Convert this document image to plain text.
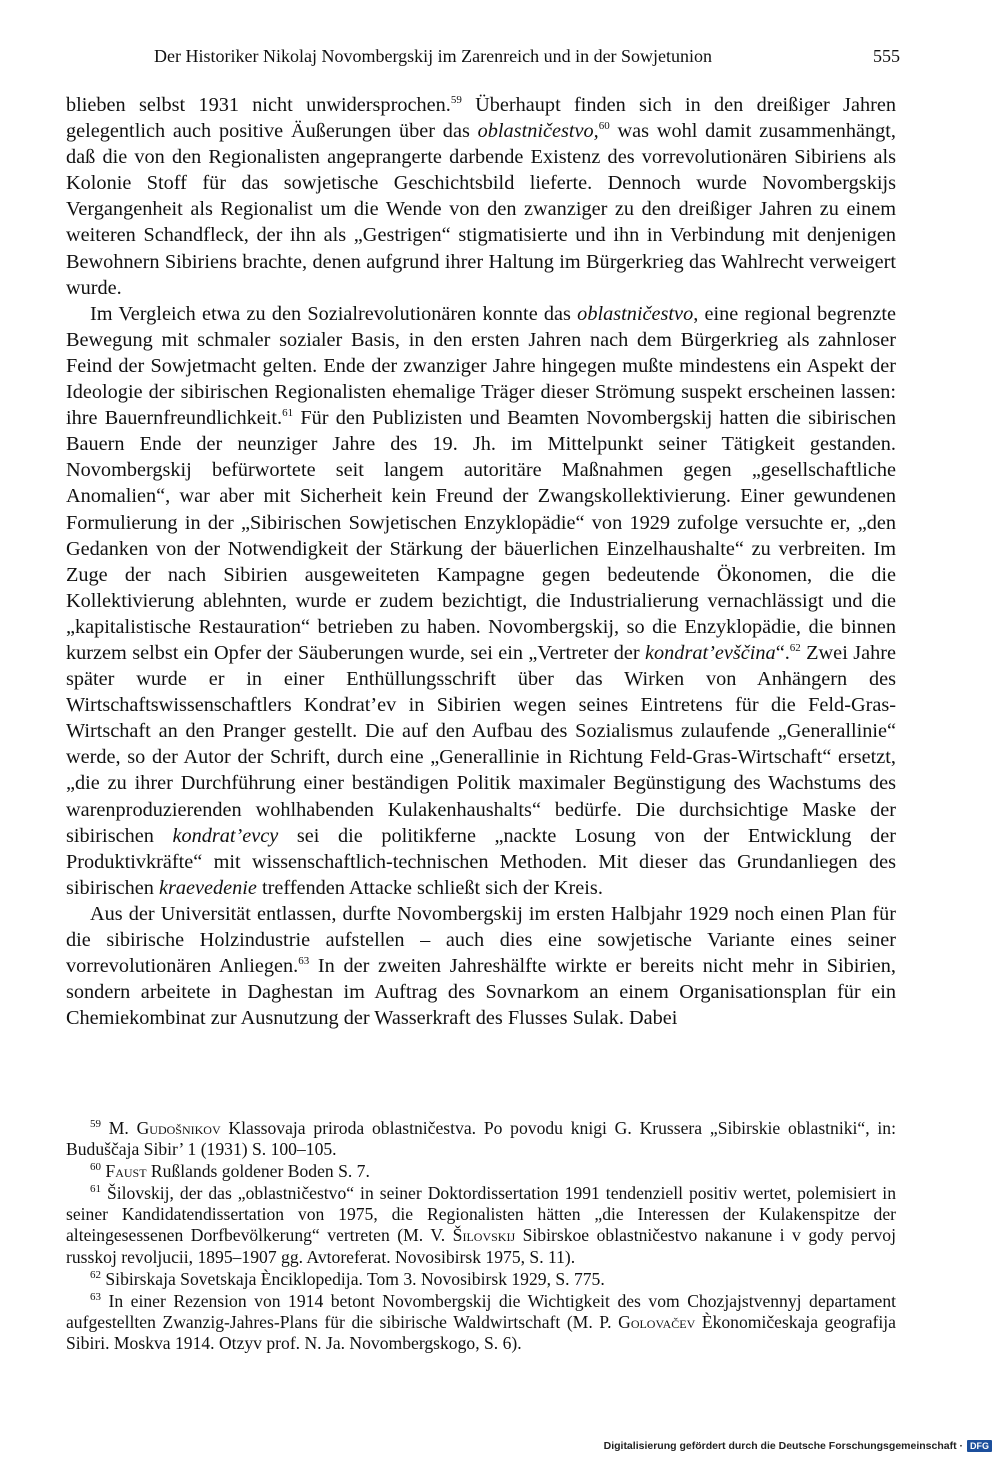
Der Historiker Nikolaj Novombergskij im Zarenreich und in der Sowjetunion	555

blieben selbst 1931 nicht unwidersprochen.$^{59}$ Überhaupt finden sich in den dreißiger Jahren gelegentlich auch positive Äußerungen über das oblastničestvo,$^{60}$ was wohl damit zusammenhängt, daß die von den Regionalisten angeprangerte darbende Existenz des vorrevolutionären Sibiriens als Kolonie Stoff für das sowjetische Geschichtsbild lieferte. Dennoch wurde Novombergskijs Vergangenheit als Regionalist um die Wende von den zwanziger zu den dreißiger Jahren zu einem weiteren Schandfleck, der ihn als „Gestrigen“ stigmatisierte und ihn in Verbindung mit denjenigen Bewohnern Sibiriens brachte, denen aufgrund ihrer Haltung im Bürgerkrieg das Wahlrecht verweigert wurde.

Im Vergleich etwa zu den Sozialrevolutionären konnte das oblastničestvo, eine regional begrenzte Bewegung mit schmaler sozialer Basis, in den ersten Jahren nach dem Bürgerkrieg als zahnloser Feind der Sowjetmacht gelten. Ende der zwanziger Jahre hingegen mußte mindestens ein Aspekt der Ideologie der sibirischen Regionalisten ehemalige Träger dieser Strömung suspekt erscheinen lassen: ihre Bauernfreundlichkeit.$^{61}$ Für den Publizisten und Beamten Novombergskij hatten die sibirischen Bauern Ende der neunziger Jahre des 19. Jh. im Mittelpunkt seiner Tätigkeit gestanden. Novombergskij befürwortete seit langem autoritäre Maßnahmen gegen „gesellschaftliche Anomalien“, war aber mit Sicherheit kein Freund der Zwangskollektivierung. Einer gewundenen Formulierung in der „Sibirischen Sowjetischen Enzyklopädie“ von 1929 zufolge versuchte er, „den Gedanken von der Notwendigkeit der Stärkung der bäuerlichen Einzelhaushalte“ zu verbreiten. Im Zuge der nach Sibirien ausgeweiteten Kampagne gegen bedeutende Ökonomen, die die Kollektivierung ablehnten, wurde er zudem bezichtigt, die Industrialierung vernachlässigt und die „kapitalistische Restauration“ betrieben zu haben. Novombergskij, so die Enzyklopädie, die binnen kurzem selbst ein Opfer der Säuberungen wurde, sei ein „Vertreter der kondrat’evščina“.$^{62}$ Zwei Jahre später wurde er in einer Enthüllungsschrift über das Wirken von Anhängern des Wirtschaftswissenschaftlers Kondrat’ev in Sibirien wegen seines Eintretens für die Feld-Gras-Wirtschaft an den Pranger gestellt. Die auf den Aufbau des Sozialismus zulaufende „Generallinie“ werde, so der Autor der Schrift, durch eine „Generallinie in Richtung Feld-Gras-Wirtschaft“ ersetzt, „die zu ihrer Durchführung einer beständigen Politik maximaler Begünstigung des Wachstums des warenproduzierenden wohlhabenden Kulakenhaushalts“ bedürfe. Die durchsichtige Maske der sibirischen kondrat’evcy sei die politikferne „nackte Losung von der Entwicklung der Produktivkräfte“ mit wissenschaftlich-technischen Methoden. Mit dieser das Grundanliegen des sibirischen kraevedenie treffenden Attacke schließt sich der Kreis.

Aus der Universität entlassen, durfte Novombergskij im ersten Halbjahr 1929 noch einen Plan für die sibirische Holzindustrie aufstellen – auch dies eine sowjetische Variante eines seiner vorrevolutionären Anliegen.$^{63}$ In der zweiten Jahreshälfte wirkte er bereits nicht mehr in Sibirien, sondern arbeitete in Daghestan im Auftrag des Sovnarkom an einem Organisationsplan für ein Chemiekombinat zur Ausnutzung der Wasserkraft des Flusses Sulak. Dabei

$^{59}$ M. Gudošnikov Klassovaja priroda oblastničestva. Po povodu knigi G. Krussera „Sibirskie oblastniki“, in: Buduščaja Sibir’ 1 (1931) S. 100–105.

$^{60}$ Faust Rußlands goldener Boden S. 7.

$^{61}$ Šilovskij, der das „oblastničestvo“ in seiner Doktordissertation 1991 tendenziell positiv wertet, polemisiert in seiner Kandidatendissertation von 1975, die Regionalisten hätten „die Interessen der Kulakenspitze der alteingesessenen Dorfbevölkerung“ vertreten (M. V. Šilovskij Sibirskoe oblastničestvo nakanune i v gody pervoj russkoj revoljucii, 1895–1907 gg. Avtoreferat. Novosibirsk 1975, S. 11).

$^{62}$ Sibirskaja Sovetskaja Ènciklopedija. Tom 3. Novosibirsk 1929, S. 775.

$^{63}$ In einer Rezension von 1914 betont Novombergskij die Wichtigkeit des vom Chozjajstvennyj departament aufgestellten Zwanzig-Jahres-Plans für die sibirische Waldwirtschaft (M. P. Golovačev Èkonomičeskaja geografija Sibiri. Moskva 1914. Otzyv prof. N. Ja. Novombergskogo, S. 6).

Digitalisierung gefördert durch die Deutsche Forschungsgemeinschaft · DFG
